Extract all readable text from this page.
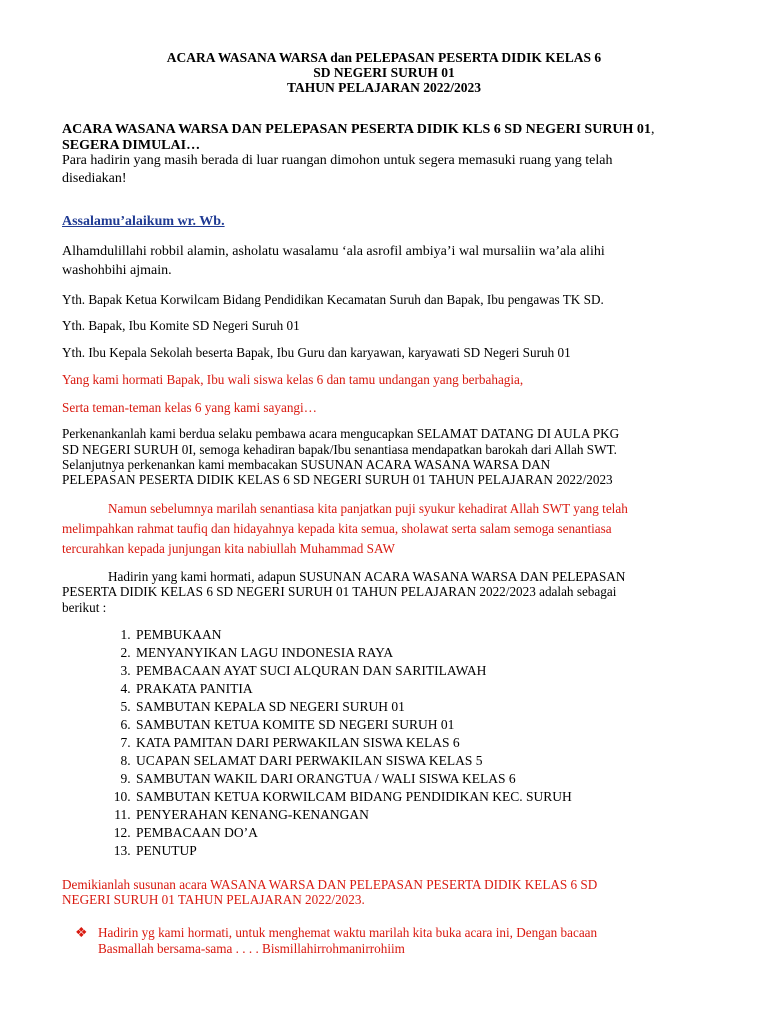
ACARA WASANA WARSA dan PELEPASAN PESERTA DIDIK KELAS 6

SD NEGERI SURUH 01

TAHUN PELAJARAN 2022/2023

ACARA WASANA WARSA DAN PELEPASAN PESERTA DIDIK KLS 6 SD NEGERI SURUH 01,

SEGERA DIMULAI…

Para hadirin yang masih berada di luar ruangan dimohon untuk segera memasuki ruang yang telah

disediakan!

Assalamu’alaikum wr. Wb.

Alhamdulillahi robbil alamin, asholatu wasalamu ‘ala asrofil ambiya’i wal mursaliin wa’ala alihi

washohbihi ajmain.

Yth. Bapak Ketua Korwilcam Bidang Pendidikan Kecamatan Suruh dan Bapak, Ibu pengawas TK SD.

Yth. Bapak, Ibu Komite SD Negeri Suruh 01

Yth. Ibu Kepala Sekolah beserta Bapak, Ibu Guru dan karyawan, karyawati SD Negeri Suruh 01

Yang kami hormati Bapak, Ibu wali siswa kelas 6 dan tamu undangan yang berbahagia,

Serta teman-teman kelas 6 yang kami sayangi…

Perkenankanlah kami berdua selaku pembawa acara mengucapkan SELAMAT DATANG DI AULA PKG

SD NEGERI SURUH 0I, semoga kehadiran bapak/Ibu senantiasa mendapatkan barokah dari Allah SWT.

Selanjutnya perkenankan kami membacakan SUSUNAN ACARA WASANA WARSA DAN

PELEPASAN PESERTA DIDIK KELAS 6 SD NEGERI SURUH 01 TAHUN PELAJARAN 2022/2023

Namun sebelumnya marilah senantiasa kita panjatkan puji syukur kehadirat Allah SWT yang telah

melimpahkan rahmat taufiq dan hidayahnya kepada kita semua, sholawat serta salam semoga senantiasa

tercurahkan kepada junjungan kita nabiullah Muhammad SAW

Hadirin yang kami hormati, adapun SUSUNAN ACARA WASANA WARSA DAN PELEPASAN

PESERTA DIDIK KELAS 6 SD NEGERI SURUH 01 TAHUN PELAJARAN 2022/2023 adalah sebagai

berikut :

1. PEMBUKAAN
2. MENYANYIKAN LAGU INDONESIA RAYA
3. PEMBACAAN AYAT SUCI ALQURAN DAN SARITILAWAH
4. PRAKATA PANITIA
5. SAMBUTAN KEPALA SD NEGERI SURUH 01
6. SAMBUTAN KETUA KOMITE SD NEGERI SURUH 01
7. KATA PAMITAN DARI PERWAKILAN SISWA KELAS 6
8. UCAPAN SELAMAT DARI PERWAKILAN SISWA KELAS 5
9. SAMBUTAN WAKIL DARI ORANGTUA / WALI SISWA KELAS 6
10. SAMBUTAN KETUA KORWILCAM BIDANG PENDIDIKAN KEC. SURUH
11. PENYERAHAN KENANG-KENANGAN
12. PEMBACAAN DO’A
13. PENUTUP

Demikianlah susunan acara WASANA WARSA DAN PELEPASAN PESERTA DIDIK KELAS 6 SD

NEGERI SURUH 01 TAHUN PELAJARAN 2022/2023.

❖ Hadirin yg kami hormati, untuk menghemat waktu marilah kita buka acara ini, Dengan bacaan

Basmallah bersama-sama . . . . Bismillahirrohmanirrohiim
